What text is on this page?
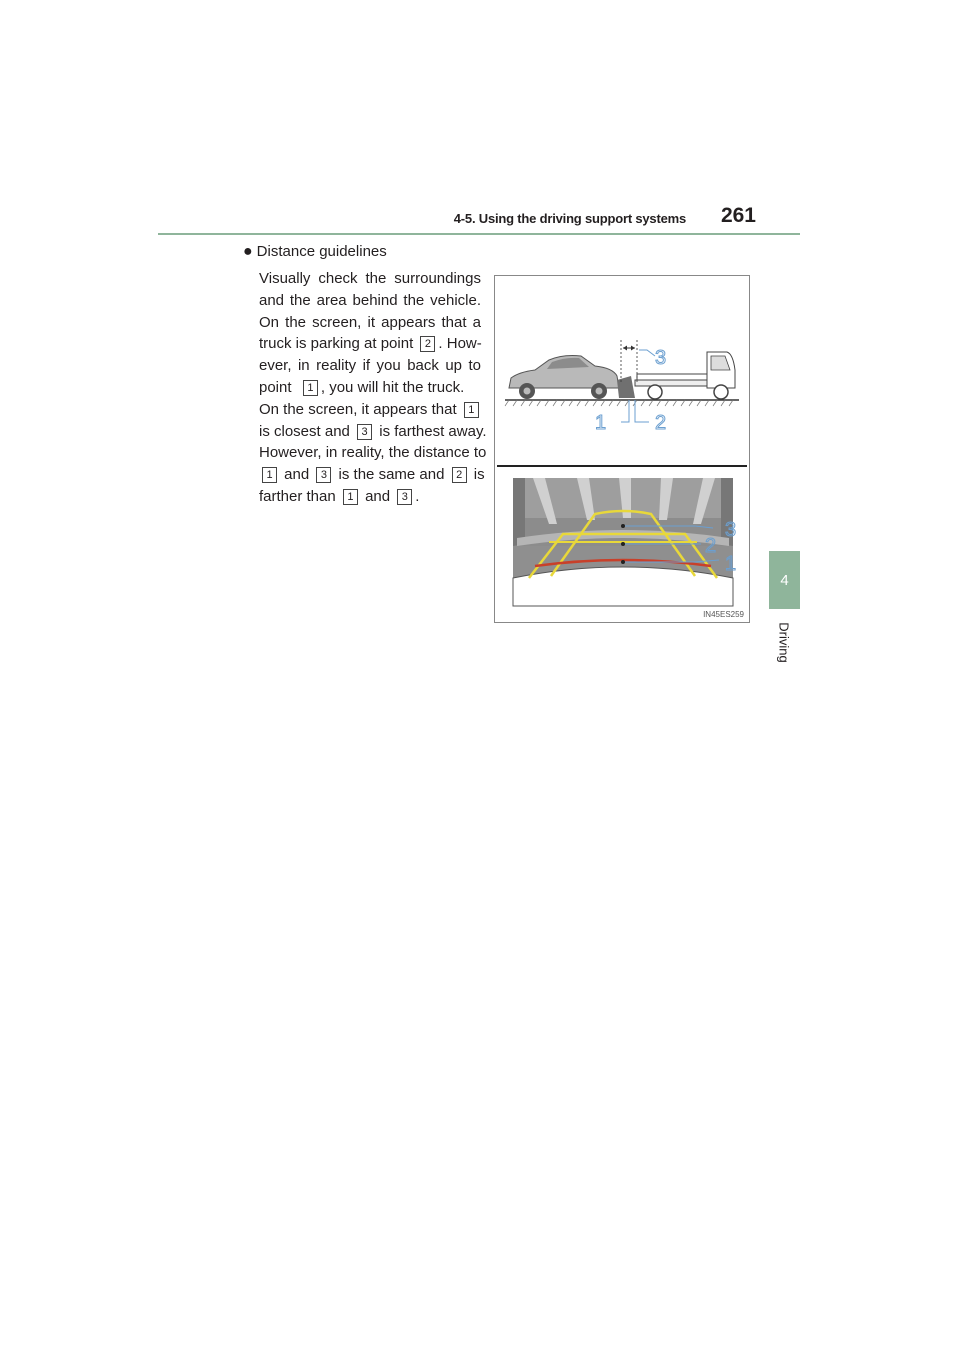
4-5. Using the driving support systems 261
4
Driving
● Distance guidelines
Visually check the surroundings
and the area behind the vehicle.
On the screen, it appears that a
truck is parking at point 2 . How-
ever, in reality if you back up to
point 1 , you will hit the truck.
On the screen, it appears that 1
is closest and 3 is farthest away.
However, in reality, the distance to
1 and 3 is the same and 2 is
farther than 1 and 3 .
3
1 2
3
2
1
IN45ES259
